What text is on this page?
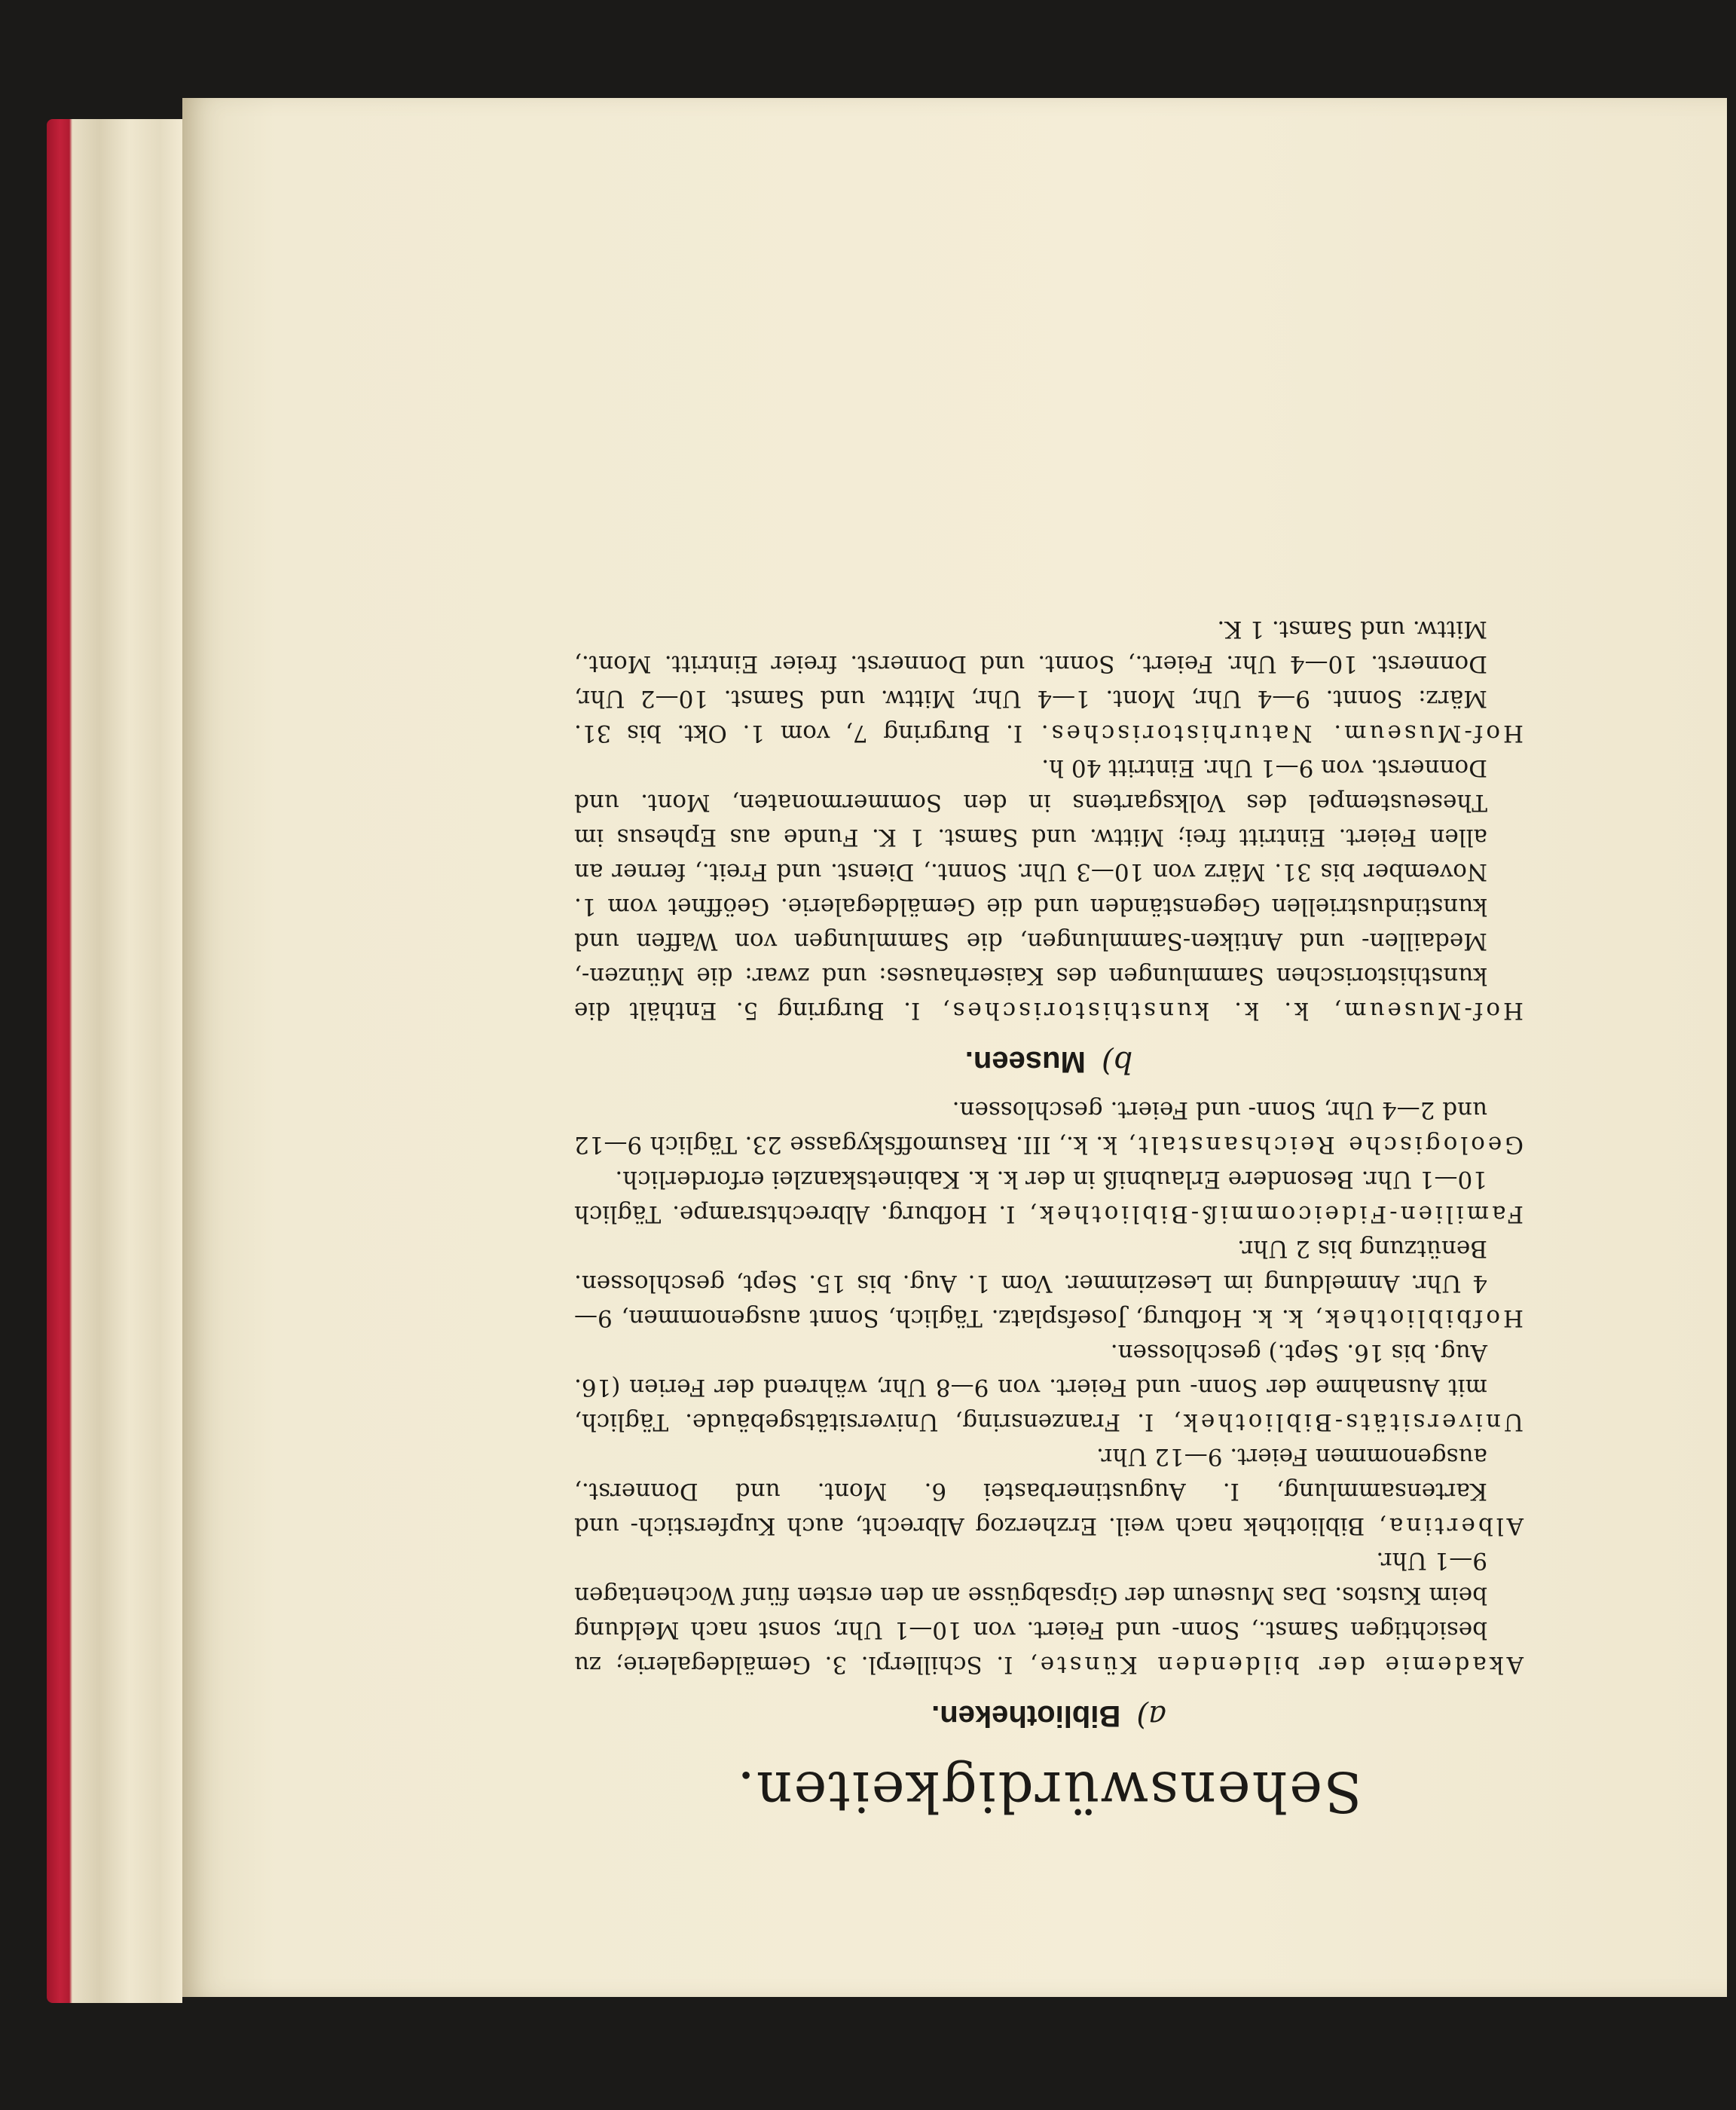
Sehenswürdigkeiten.
a) Bibliotheken.

Akademie der bildenden Künste, I. Schillerpl. 3. Gemäldegalerie; zu besichtigen Samst., Sonn- und Feiert. von 10—1 Uhr, sonst nach Meldung beim Kustos. Das Museum der Gipsabgüsse an den ersten fünf Wochentagen 9—1 Uhr.

Albertina, Bibliothek nach weil. Erzherzog Albrecht, auch Kupferstich- und Kartensammlung, I. Augustinerbastei 6. Mont. und Donnerst., ausgenommen Feiert. 9—12 Uhr.

Universitäts-Bibliothek, I. Franzensring, Universitätsgebäude. Täglich, mit Ausnahme der Sonn- und Feiert. von 9—8 Uhr, während der Ferien (16. Aug. bis 16. Sept.) geschlossen.

Hofbibliothek, k. k. Hofburg, Josefsplatz. Täglich, Sonnt ausgenommen, 9—4 Uhr. Anmeldung im Lesezimmer. Vom 1. Aug. bis 15. Sept, geschlossen. Benützung bis 2 Uhr.

Familien-Fideicommiß-Bibliothek, I. Hofburg. Albrechtsrampe. Täglich 10—1 Uhr. Besondere Erlaubniß in der k. k. Kabinetskanzlei erforderlich.

Geologische Reichsanstalt, k. k., III. Rasumoffskygasse 23. Täglich 9—12 und 2—4 Uhr, Sonn- und Feiert. geschlossen.

b) Museen.

Hof-Museum, k. k. kunsthistorisches, I. Burgring 5. Enthält die kunsthistorischen Sammlungen des Kaiserhauses: und zwar: die Münzen-, Medaillen- und Antiken-Sammlungen, die Sammlungen von Waffen und kunstindustriellen Gegenständen und die Gemäldegalerie. Geöffnet vom 1. November bis 31. März von 10—3 Uhr. Sonnt., Dienst. und Freit., ferner an allen Feiert. Eintritt frei; Mittw. und Samst. 1 K. Funde aus Ephesus im Theseustempel des Volksgartens in den Sommermonaten, Mont. und Donnerst. von 9—1 Uhr. Eintritt 40 h.

Hof-Museum. Naturhistorisches. I. Burgring 7, vom 1. Okt. bis 31. März: Sonnt. 9—4 Uhr, Mont. 1—4 Uhr, Mittw. und Samst. 10—2 Uhr, Donnerst. 10—4 Uhr. Feiert., Sonnt. und Donnerst. freier Eintritt. Mont., Mittw. und Samst. 1 K.
